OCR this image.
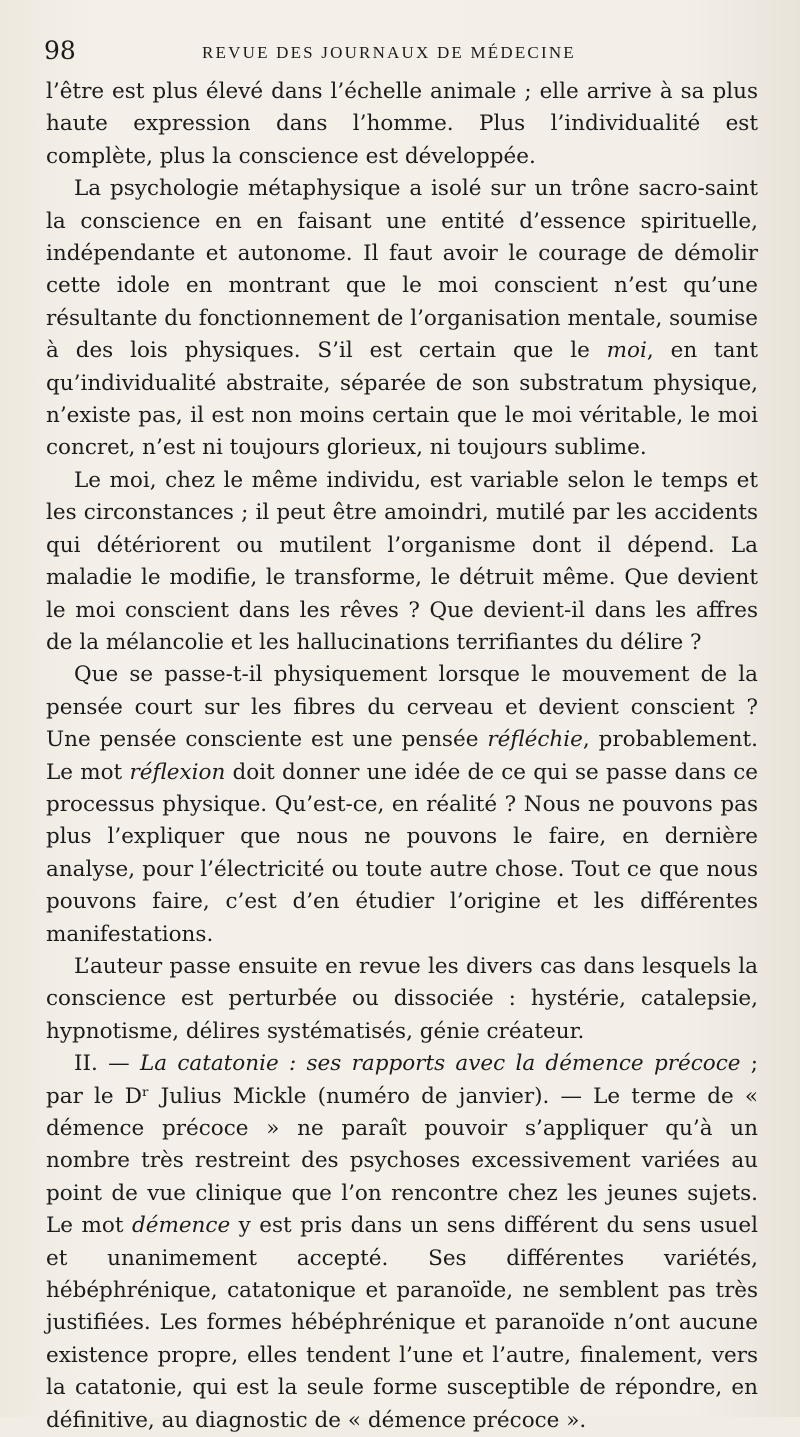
98	REVUE DES JOURNAUX DE MÉDECINE

l’être est plus élevé dans l’échelle animale ; elle arrive à sa plus haute expression dans l’homme. Plus l’individualité est complète, plus la conscience est développée.

La psychologie métaphysique a isolé sur un trône sacro-saint la conscience en en faisant une entité d’essence spirituelle, indépendante et autonome. Il faut avoir le courage de démolir cette idole en montrant que le moi conscient n’est qu’une résultante du fonctionnement de l’organisation mentale, soumise à des lois physiques. S’il est certain que le moi, en tant qu’individualité abstraite, séparée de son substratum physique, n’existe pas, il est non moins certain que le moi véritable, le moi concret, n’est ni toujours glorieux, ni toujours sublime.

Le moi, chez le même individu, est variable selon le temps et les circonstances ; il peut être amoindri, mutilé par les accidents qui détériorent ou mutilent l’organisme dont il dépend. La maladie le modifie, le transforme, le détruit même. Que devient le moi conscient dans les rêves ? Que devient-il dans les affres de la mélancolie et les hallucinations terrifiantes du délire ?

Que se passe-t-il physiquement lorsque le mouvement de la pensée court sur les fibres du cerveau et devient conscient ? Une pensée consciente est une pensée réfléchie, probablement. Le mot réflexion doit donner une idée de ce qui se passe dans ce processus physique. Qu’est-ce, en réalité ? Nous ne pouvons pas plus l’expliquer que nous ne pouvons le faire, en dernière analyse, pour l’électricité ou toute autre chose. Tout ce que nous pouvons faire, c’est d’en étudier l’origine et les différentes manifestations.

L’auteur passe ensuite en revue les divers cas dans lesquels la conscience est perturbée ou dissociée : hystérie, catalepsie, hypnotisme, délires systématisés, génie créateur.

II. — La catatonie : ses rapports avec la démence précoce ; par le Dʳ Julius Mickle (numéro de janvier). — Le terme de « démence précoce » ne paraît pouvoir s’appliquer qu’à un nombre très restreint des psychoses excessivement variées au point de vue clinique que l’on rencontre chez les jeunes sujets. Le mot démence y est pris dans un sens différent du sens usuel et unanimement accepté. Ses différentes variétés, hébéphrénique, catatonique et paranoïde, ne semblent pas très justifiées. Les formes hébéphrénique et paranoïde n’ont aucune existence propre, elles tendent l’une et l’autre, finalement, vers la catatonie, qui est la seule forme susceptible de répondre, en définitive, au diagnostic de « démence précoce ».
